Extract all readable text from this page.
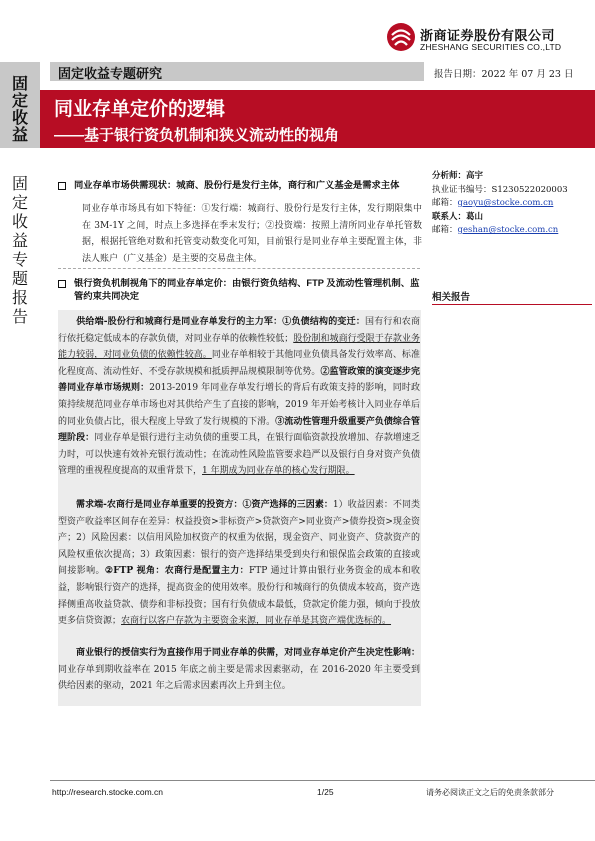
浙商证券股份有限公司
ZHESHANG SECURITIES CO.,LTD
固定收益
固定收益专题报告
固定收益专题研究	报告日期：2022 年 07 月 23 日
同业存单定价的逻辑
——基于银行资负机制和狭义流动性的视角
同业存单市场供需现状：城商、股份行是发行主体，商行和广义基金是需求主体
同业存单市场具有如下特征：①发行端：城商行、股份行是发行主体，发行期限集中在 3M-1Y 之间，时点上多选择在季末发行；②投资端：按照上清所同业存单托管数据，根据托管绝对数和托管变动数变化可知，目前银行是同业存单主要配置主体，非法人账户（广义基金）是主要的交易盘主体。
银行资负机制视角下的同业存单定价：由银行资负结构、FTP 及流动性管理机制、监管约束共同决定
供给端-股份行和城商行是同业存单发行的主力军：①负债结构的变迁：国有行和农商行依托稳定低成本的存款负债，对同业存单的依赖性较低；股份制和城商行受限于存款业务能力较弱，对同业负债的依赖性较高。同业存单相较于其他同业负债具备发行效率高、标准化程度高、流动性好、不受存款规模和抵质押品规模限制等优势。②监管政策的演变逐步完善同业存单市场规则：2013-2019 年同业存单发行增长的背后有政策支持的影响，同时政策持续规范同业存单市场也对其供给产生了直接的影响，2019 年开始考核计入同业存单后的同业负债占比，很大程度上导致了发行规模的下滑。③流动性管理升级重要产负债综合管理阶段：同业存单是银行进行主动负债的重要工具，在银行面临资款投放增加、存款增速乏力时，可以快速有效补充银行流动性；在流动性风险监管要求趋严以及银行自身对资产负债管理的重视程度提高的双重背景下，1 年期成为同业存单的核心发行期限。
需求端-农商行是同业存单重要的投资方：①资产选择的三因素：1）收益因素：不同类型资产收益率区间存在差异：权益投资>非标资产>贷款资产>同业资产>债券投资>现金资产；2）风险因素：以信用风险加权资产的权重为依据，现金资产、同业资产、贷款资产的风险权重依次提高；3）政策因素：银行的资产选择结果受到央行和银保监会政策的直接或间接影响。②FTP 视角：农商行是配置主力：FTP 通过计算由银行业务资金的成本和收益，影响银行资产的选择，提高资金的使用效率。股份行和城商行的负债成本较高，资产选择侧重高收益贷款、债券和非标投资；国有行负债成本最低，贷款定价能力强，倾向于投放更多信贷资源；农商行以客户存款为主要资金来源，同业存单是其资产端优选标的。
商业银行的授信实行为直接作用于同业存单的供需，对同业存单定价产生决定性影响：同业存单到期收益率在 2015 年底之前主要是需求因素驱动，在 2016-2020 年主要受到供给因素的驱动，2021 年之后需求因素再次上升到主位。
分析师：高宇
执业证书编号：S1230522020003
邮箱：gaoyu@stocke.com.cn
联系人：葛山
邮箱：geshan@stocke.com.cn
相关报告
http://research.stocke.com.cn	1/25	请务必阅读正文之后的免责条款部分
